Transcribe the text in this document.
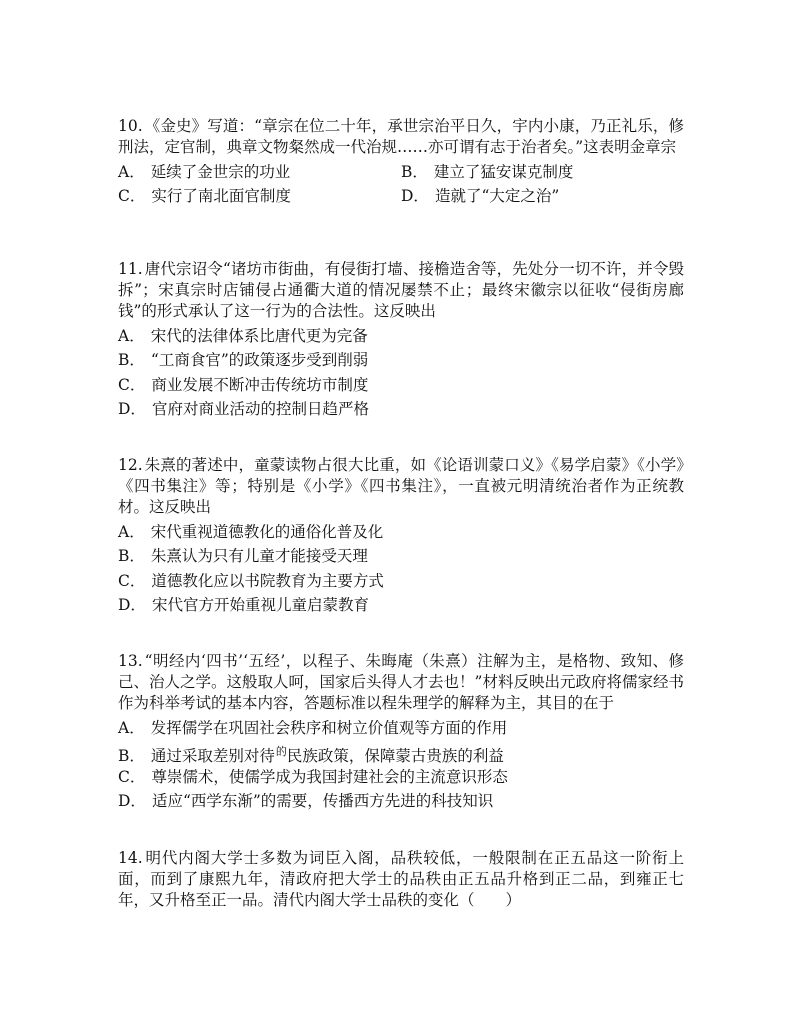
10. 《金史》写道：“章宗在位二十年，承世宗治平日久，宇内小康，乃正礼乐，修刑法，定官制，典章文物粲然成一代治规……亦可谓有志于治者矣。”这表明金章宗

A． 延续了金世宗的功业	B． 建立了猛安谋克制度
C． 实行了南北面官制度	D． 造就了“大定之治”

11. 唐代宗诏令“诸坊市街曲，有侵街打墙、接檐造舍等，先处分一切不许，并令毁拆”；宋真宗时店铺侵占通衢大道的情况屡禁不止；最终宋徽宗以征收“侵街房廊钱”的形式承认了这一行为的合法性。这反映出

A． 宋代的法律体系比唐代更为完备
B． “工商食官”的政策逐步受到削弱
C． 商业发展不断冲击传统坊市制度
D． 官府对商业活动的控制日趋严格

12. 朱熹的著述中，童蒙读物占很大比重，如《论语训蒙口义》《易学启蒙》《小学》《四书集注》等；特别是《小学》《四书集注》，一直被元明清统治者作为正统教材。这反映出

A． 宋代重视道德教化的通俗化普及化
B． 朱熹认为只有儿童才能接受天理
C． 道德教化应以书院教育为主要方式
D． 宋代官方开始重视儿童启蒙教育

13. “明经内‘四书’‘五经’，以程子、朱晦庵（朱熹）注解为主，是格物、致知、修己、治人之学。这般取人呵，国家后头得人才去也！”材料反映出元政府将儒家经书作为科举考试的基本内容，答题标准以程朱理学的解释为主，其目的在于

A． 发挥儒学在巩固社会秩序和树立价值观等方面的作用
B． 通过采取差别对待$^的$民族政策，保障蒙古贵族的利益
C． 尊崇儒术，使儒学成为我国封建社会的主流意识形态
D． 适应“西学东渐”的需要，传播西方先进的科技知识

14. 明代内阁大学士多数为词臣入阁，品秩较低，一般限制在正五品这一阶衔上面，而到了康熙九年，清政府把大学士的品秩由正五品升格到正二品，到雍正七年，又升格至正一品。清代内阁大学士品秩的变化（　　）
